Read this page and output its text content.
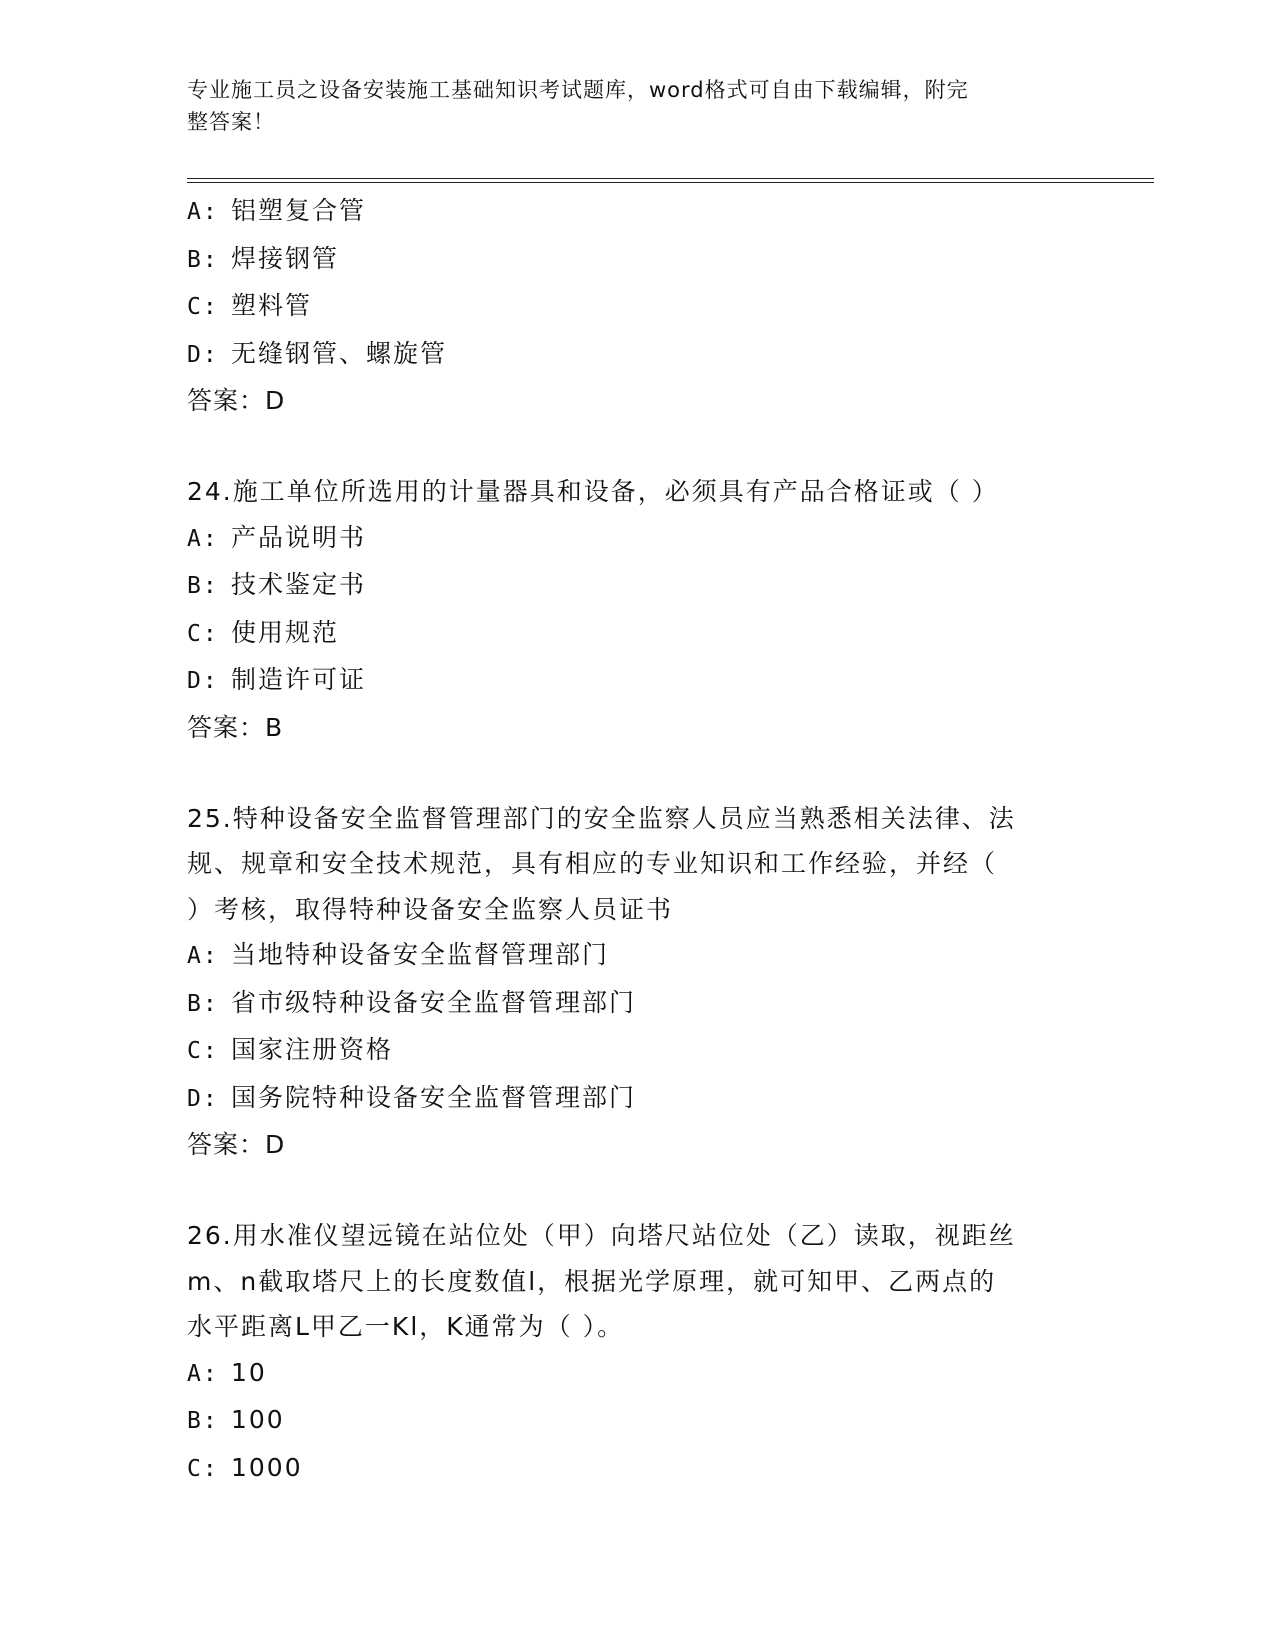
专业施工员之设备安装施工基础知识考试题库，word格式可自由下载编辑，附完
整答案！
A: 铝塑复合管
B: 焊接钢管
C: 塑料管
D: 无缝钢管、螺旋管
答案：D
24.施工单位所选用的计量器具和设备，必须具有产品合格证或（ ）
A: 产品说明书
B: 技术鉴定书
C: 使用规范
D: 制造许可证
答案：B
25.特种设备安全监督管理部门的安全监察人员应当熟悉相关法律、法
规、规章和安全技术规范，具有相应的专业知识和工作经验，并经（
）考核，取得特种设备安全监察人员证书
A: 当地特种设备安全监督管理部门
B: 省市级特种设备安全监督管理部门
C: 国家注册资格
D: 国务院特种设备安全监督管理部门
答案：D
26.用水准仪望远镜在站位处（甲）向塔尺站位处（乙）读取，视距丝
m、n截取塔尺上的长度数值l，根据光学原理，就可知甲、乙两点的
水平距离L甲乙一Kl，K通常为（ ）。
A: 10
B: 100
C: 1000
